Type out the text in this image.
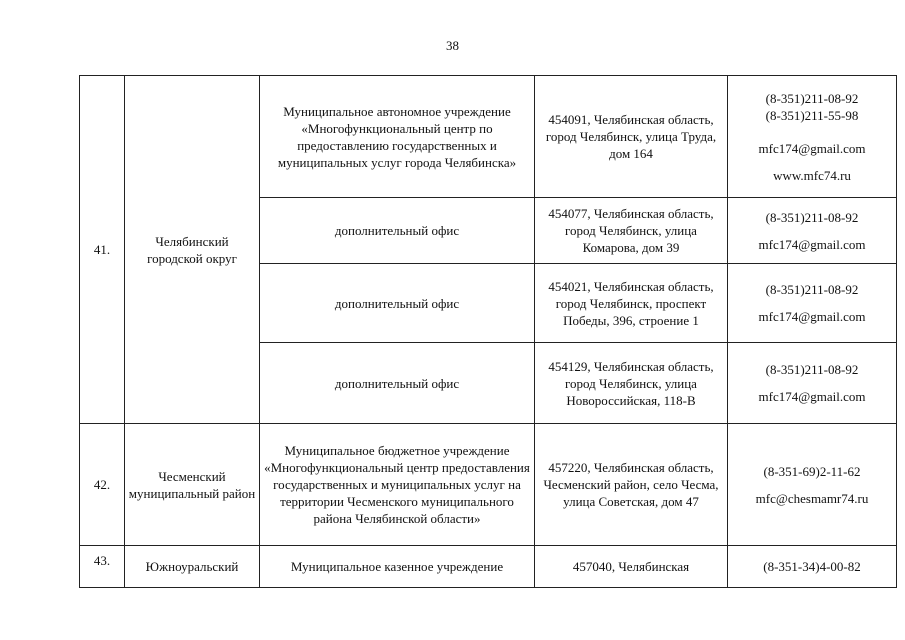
38
41.	Челябинский городской округ	Муниципальное автономное учреждение «Многофункциональный центр по предоставлению государственных и муниципальных услуг города Челябинска»	454091, Челябинская область, город Челябинск, улица Труда, дом 164	(8-351)211-08-92
(8-351)211-55-98
mfc174@gmail.com
www.mfc74.ru

		дополнительный офис	454077, Челябинская область, город Челябинск, улица Комарова, дом 39	(8-351)211-08-92
mfc174@gmail.com

		дополнительный офис	454021, Челябинская область, город Челябинск, проспект Победы, 396, строение 1	(8-351)211-08-92
mfc174@gmail.com

		дополнительный офис	454129, Челябинская область, город Челябинск, улица Новороссийская, 118-В	(8-351)211-08-92
mfc174@gmail.com

42.	Чесменский муниципальный район	Муниципальное бюджетное учреждение «Многофункциональный центр предоставления государственных и муниципальных услуг на территории Чесменского муниципального района Челябинской области»	457220, Челябинская область, Чесменский район, село Чесма, улица Советская, дом 47	(8-351-69)2-11-62
mfc@chesmamr74.ru

43.	Южноуральский	Муниципальное казенное учреждение	457040, Челябинская	(8-351-34)4-00-82
